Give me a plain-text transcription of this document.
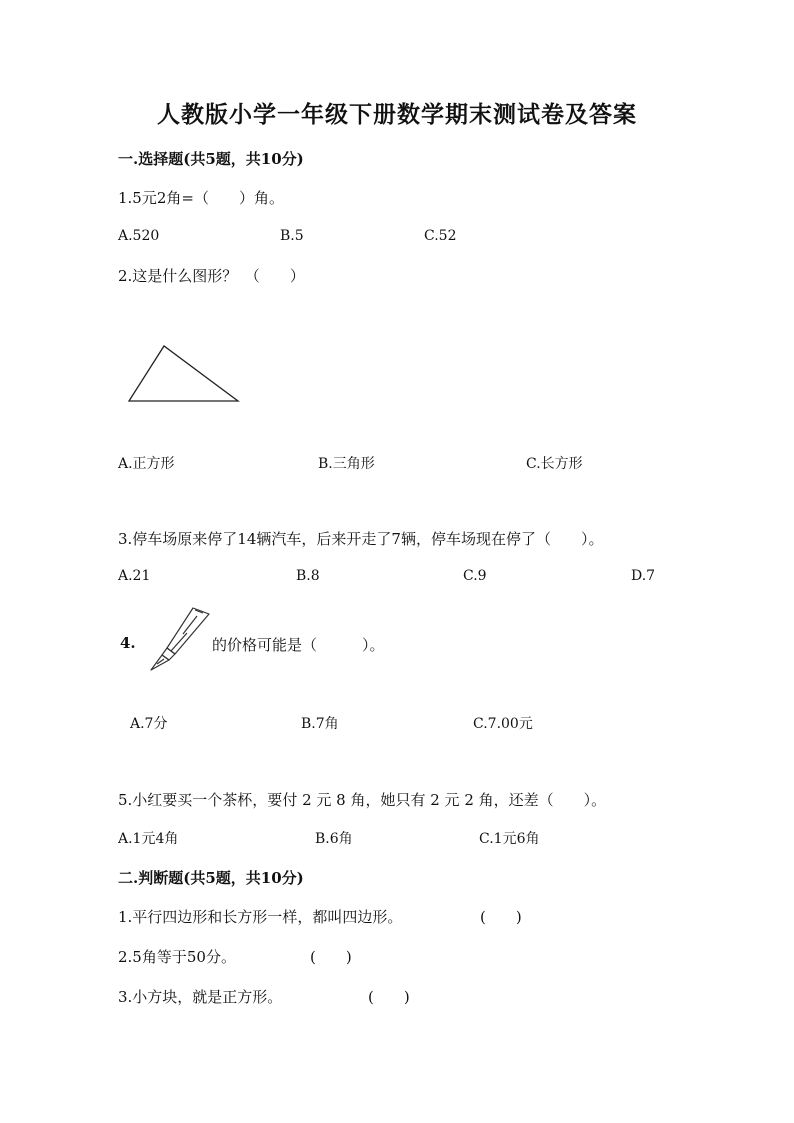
人教版小学一年级下册数学期末测试卷及答案
一.选择题(共5题，共10分)
1.5元2角=（　　）角。
A.520	B.5	C.52
2.这是什么图形？　（　　）
A.正方形	B.三角形	C.长方形
3.停车场原来停了14辆汽车，后来开走了7辆，停车场现在停了（　　）。
A.21	B.8	C.9	D.7
4.	的价格可能是（　　　）。
A.7分	B.7角	C.7.00元
5.小红要买一个茶杯，要付 2 元 8 角，她只有 2 元 2 角，还差（　　）。
A.1元4角	B.6角	C.1元6角
二.判断题(共5题，共10分)
1.平行四边形和长方形一样，都叫四边形。	(　　)
2.5角等于50分。	(　　)
3.小方块，就是正方形。	(　　)
